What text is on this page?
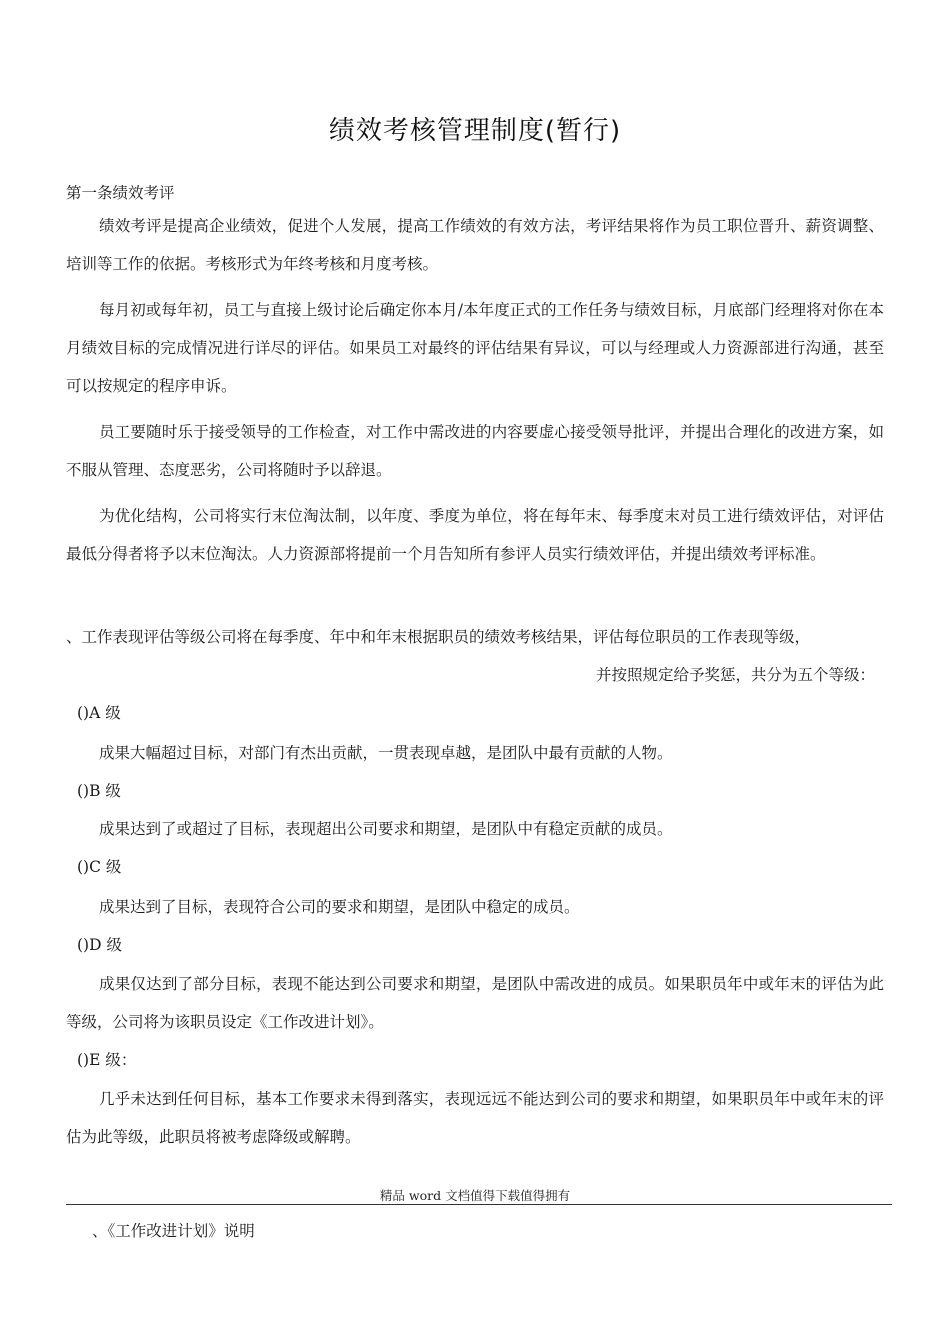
绩效考核管理制度(暂行)
第一条绩效考评
绩效考评是提高企业绩效，促进个人发展，提高工作绩效的有效方法，考评结果将作为员工职位晋升、薪资调整、培训等工作的依据。考核形式为年终考核和月度考核。
每月初或每年初，员工与直接上级讨论后确定你本月/本年度正式的工作任务与绩效目标，月底部门经理将对你在本月绩效目标的完成情况进行详尽的评估。如果员工对最终的评估结果有异议，可以与经理或人力资源部进行沟通，甚至可以按规定的程序申诉。
员工要随时乐于接受领导的工作检查，对工作中需改进的内容要虚心接受领导批评，并提出合理化的改进方案，如不服从管理、态度恶劣，公司将随时予以辞退。
为优化结构，公司将实行末位淘汰制，以年度、季度为单位，将在每年末、每季度末对员工进行绩效评估，对评估最低分得者将予以末位淘汰。人力资源部将提前一个月告知所有参评人员实行绩效评估，并提出绩效考评标准。
、工作表现评估等级公司将在每季度、年中和年末根据职员的绩效考核结果，评估每位职员的工作表现等级，
并按照规定给予奖惩，共分为五个等级：
()A 级
成果大幅超过目标，对部门有杰出贡献，一贯表现卓越，是团队中最有贡献的人物。
()B 级
成果达到了或超过了目标，表现超出公司要求和期望，是团队中有稳定贡献的成员。
()C 级
成果达到了目标，表现符合公司的要求和期望，是团队中稳定的成员。
()D 级
成果仅达到了部分目标，表现不能达到公司要求和期望，是团队中需改进的成员。如果职员年中或年末的评估为此等级，公司将为该职员设定《工作改进计划》。
()E 级：
几乎未达到任何目标，基本工作要求未得到落实，表现远远不能达到公司的要求和期望，如果职员年中或年末的评估为此等级，此职员将被考虑降级或解聘。
精品 word 文档值得下载值得拥有
、《工作改进计划》说明
